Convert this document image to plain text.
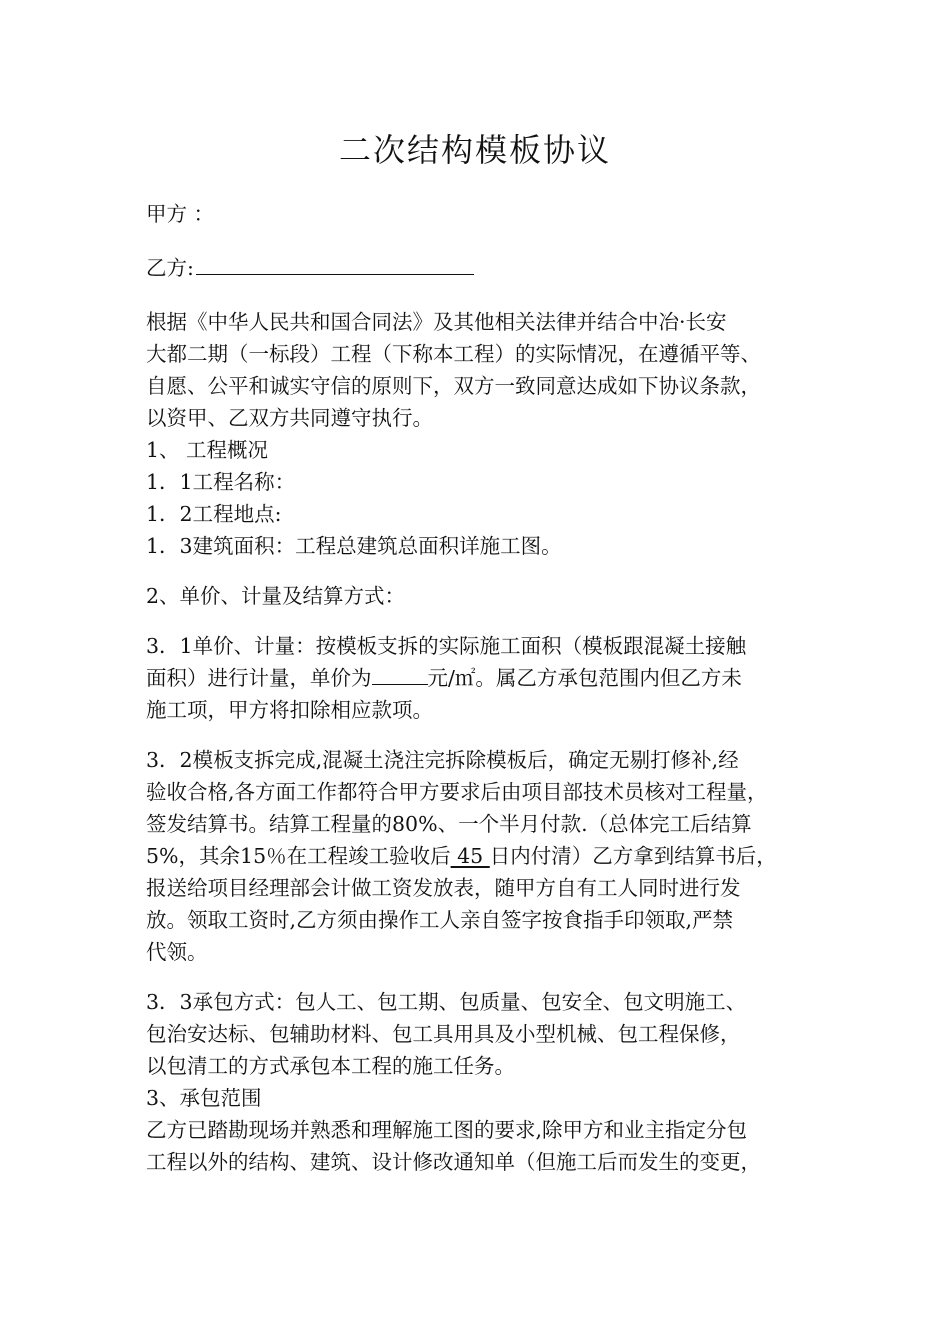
二次结构模板协议
甲方 ：
乙方:
根据《中华人民共和国合同法》及其他相关法律并结合中冶·长安
大都二期（一标段）工程（下称本工程）的实际情况，在遵循平等、
自愿、公平和诚实守信的原则下，双方一致同意达成如下协议条款，
以资甲、乙双方共同遵守执行。
1、 工程概况
1．1工程名称：
1．2工程地点:
1．3建筑面积：工程总建筑总面积详施工图。
2、单价、计量及结算方式：
3．1单价、计量：按模板支拆的实际施工面积（模板跟混凝土接触
面积）进行计量，单价为	元/㎡。属乙方承包范围内但乙方未
施工项，甲方将扣除相应款项。
3．2模板支拆完成,混凝土浇注完拆除模板后，确定无剔打修补,经
验收合格,各方面工作都符合甲方要求后由项目部技术员核对工程量，
签发结算书。结算工程量的80%、一个半月付款.（总体完工后结算
5%，其余15％在工程竣工验收后 45 日内付清）乙方拿到结算书后，
报送给项目经理部会计做工资发放表，随甲方自有工人同时进行发
放。领取工资时,乙方须由操作工人亲自签字按食指手印领取,严禁
代领。
3．3承包方式：包人工、包工期、包质量、包安全、包文明施工、
包治安达标、包辅助材料、包工具用具及小型机械、包工程保修，
以包清工的方式承包本工程的施工任务。
3、承包范围
乙方已踏勘现场并熟悉和理解施工图的要求,除甲方和业主指定分包
工程以外的结构、建筑、设计修改通知单（但施工后而发生的变更，
